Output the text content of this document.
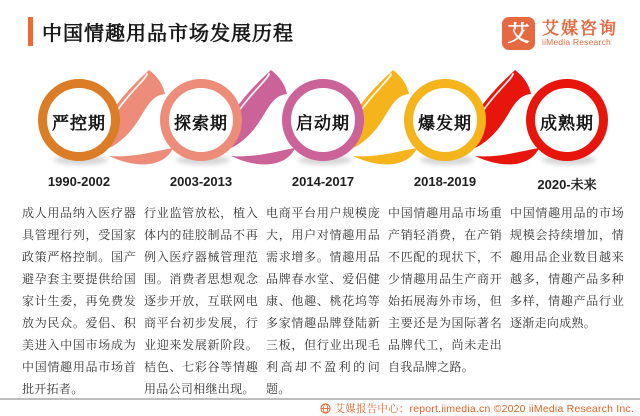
中国情趣用品市场发展历程	艾 艾媒咨询
iiMedia Research
严控期	探索期	启动期	爆发期	成熟期
1990-2002	2003-2013	2014-2017	2018-2019	2020-未来

成人用品纳入医疗器具管理行列，受国家政策严格控制。国产避孕套主要提供给国家计生委，再免费发放为民众。爱侣、积美进入中国市场成为中国情趣用品市场首批开拓者。

行业监管放松，植入体内的硅胶制品不再例入医疗器械管理范围。消费者思想观念逐步开放，互联网电商平台初步发展，行业迎来发展新阶段。桔色、七彩谷等情趣用品公司相继出现。

电商平台用户规模庞大，用户对情趣用品需求增多。情趣用品品牌春水堂、爱侣健康、他趣、桃花坞等多家情趣品牌登陆新三板，但行业出现毛利高却不盈利的问题。

中国情趣用品市场重产销轻消费，在产销不匹配的现状下，不少情趣用品生产商开始拓展海外市场，但主要还是为国际著名品牌代工，尚未走出自我品牌之路。

中国情趣用品的市场规模会持续增加，情趣用品企业数目越来越多，情趣产品多种多样，情趣产品行业逐渐走向成熟。

艾媒报告中心：report.iimedia.cn ©2020 iiMedia Research Inc.
